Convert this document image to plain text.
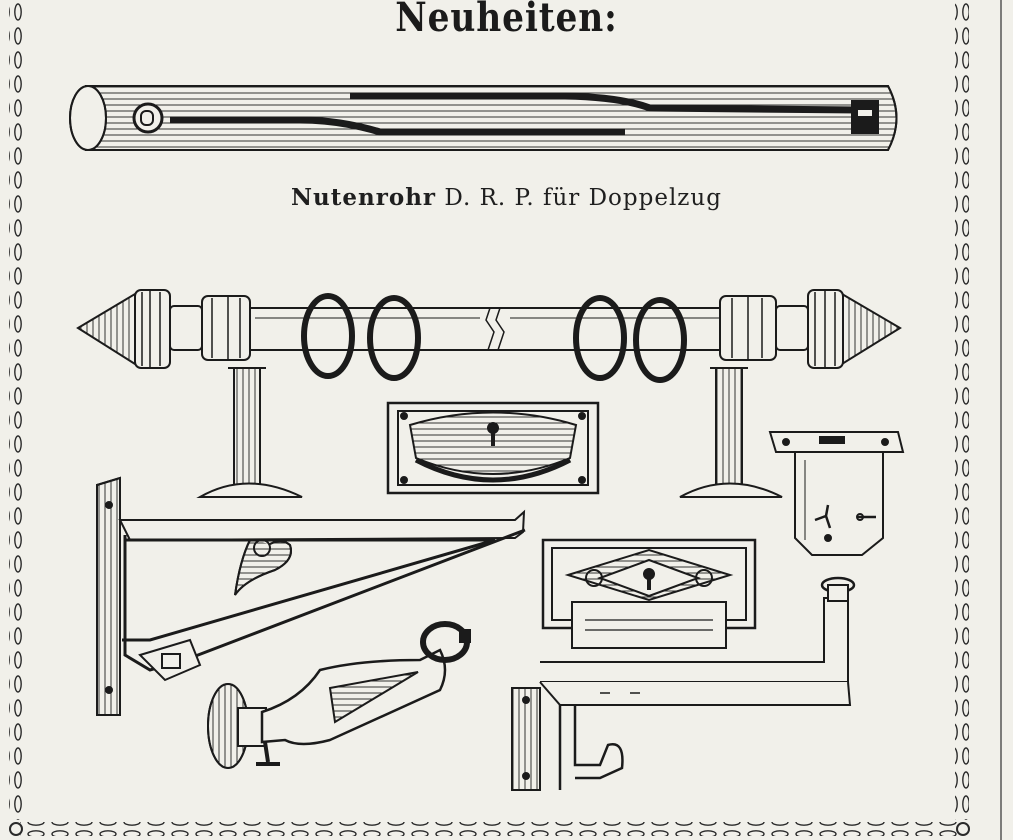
Neuheiten:
Nutenrohr D. R. P. für Doppelzug
